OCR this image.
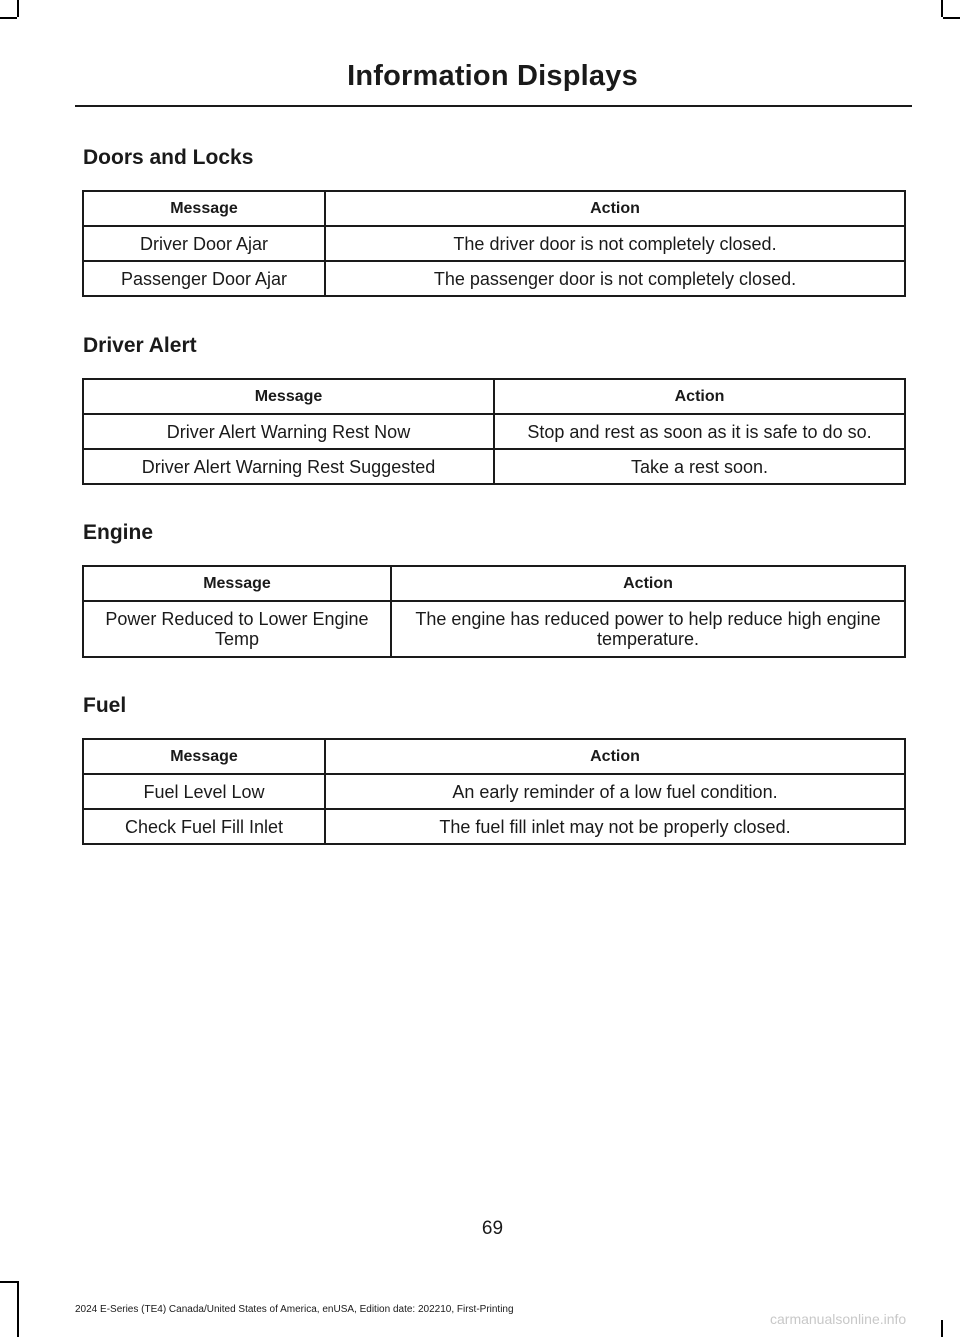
Information Displays
Doors and Locks
Message	Action
Driver Door Ajar	The driver door is not completely closed.
Passenger Door Ajar	The passenger door is not completely closed.
Driver Alert
Message	Action
Driver Alert Warning Rest Now	Stop and rest as soon as it is safe to do so.
Driver Alert Warning Rest Suggested	Take a rest soon.
Engine
Message	Action
Power Reduced to Lower Engine Temp	The engine has reduced power to help reduce high engine temperature.
Fuel
Message	Action
Fuel Level Low	An early reminder of a low fuel condition.
Check Fuel Fill Inlet	The fuel fill inlet may not be properly closed.
69
2024 E-Series (TE4) Canada/United States of America, enUSA, Edition date: 202210, First-Printing
carmanualsonline.info
